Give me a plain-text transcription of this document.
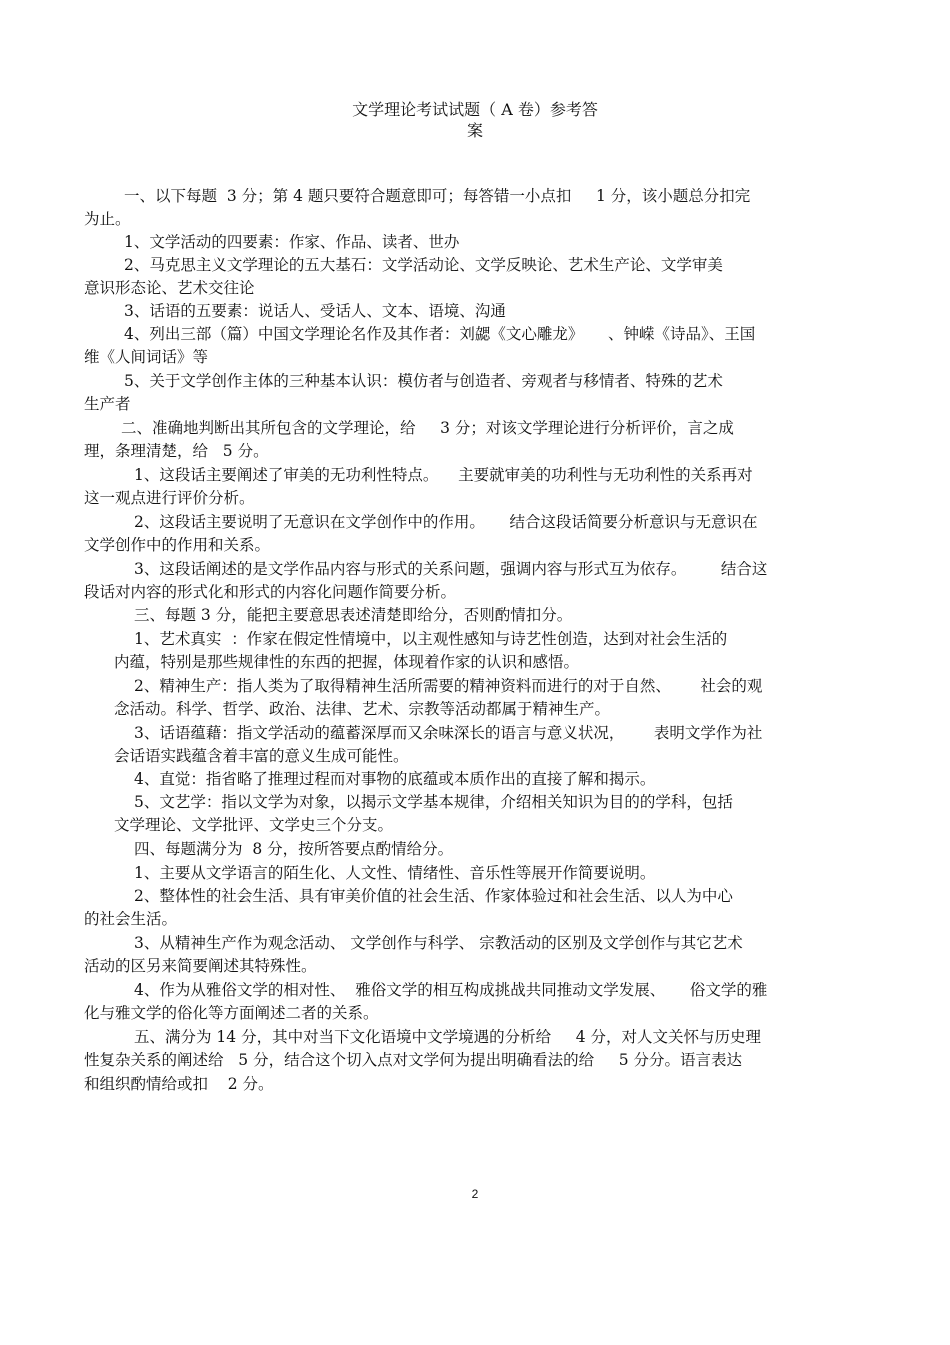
文学理论考试试题（ A 卷）参考答
案
一、以下每题  3 分；第 4 题只要符合题意即可；每答错一小点扣     1 分，该小题总分扣完
为止。
1、文学活动的四要素：作家、作品、读者、世办
2、马克思主义文学理论的五大基石：文学活动论、文学反映论、艺术生产论、文学审美
意识形态论、艺术交往论
3、话语的五要素：说话人、受话人、文本、语境、沟通
4、列出三部（篇）中国文学理论名作及其作者：刘勰《文心雕龙》     、钟嵘《诗品》、王国
维《人间词话》等
5、关于文学创作主体的三种基本认识：模仿者与创造者、旁观者与移情者、特殊的艺术
生产者
二、准确地判断出其所包含的文学理论，给     3 分；对该文学理论进行分析评价，言之成
理，条理清楚，给   5 分。
1、这段话主要阐述了审美的无功利性特点。    主要就审美的功利性与无功利性的关系再对
这一观点进行评价分析。
2、这段话主要说明了无意识在文学创作中的作用。     结合这段话简要分析意识与无意识在
文学创作中的作用和关系。
3、这段话阐述的是文学作品内容与形式的关系问题，强调内容与形式互为依存。       结合这
段话对内容的形式化和形式的内容化问题作简要分析。
三、每题 3 分，能把主要意思表述清楚即给分，否则酌情扣分。
1、艺术真实  ：作家在假定性情境中，以主观性感知与诗艺性创造，达到对社会生活的
内蕴，特别是那些规律性的东西的把握，体现着作家的认识和感悟。
2、精神生产：指人类为了取得精神生活所需要的精神资料而进行的对于自然、      社会的观
念活动。科学、哲学、政治、法律、艺术、宗教等活动都属于精神生产。
3、话语蕴藉：指文学活动的蕴蓄深厚而又余味深长的语言与意义状况，      表明文学作为社
会话语实践蕴含着丰富的意义生成可能性。
4、直觉：指省略了推理过程而对事物的底蕴或本质作出的直接了解和揭示。
5、文艺学：指以文学为对象，以揭示文学基本规律，介绍相关知识为目的的学科，包括
文学理论、文学批评、文学史三个分支。
四、每题满分为  8 分，按所答要点酌情给分。
1、主要从文学语言的陌生化、人文性、情绪性、音乐性等展开作简要说明。
2、整体性的社会生活、具有审美价值的社会生活、作家体验过和社会生活、以人为中心
的社会生活。
3、从精神生产作为观念活动、 文学创作与科学、 宗教活动的区别及文学创作与其它艺术
活动的区另来简要阐述其特殊性。
4、作为从雅俗文学的相对性、  雅俗文学的相互构成挑战共同推动文学发展、     俗文学的雅
化与雅文学的俗化等方面阐述二者的关系。
五、满分为 14 分，其中对当下文化语境中文学境遇的分析给     4 分，对人文关怀与历史理
性复杂关系的阐述给   5 分，结合这个切入点对文学何为提出明确看法的给     5 分分。语言表达
和组织酌情给或扣    2 分。
2
